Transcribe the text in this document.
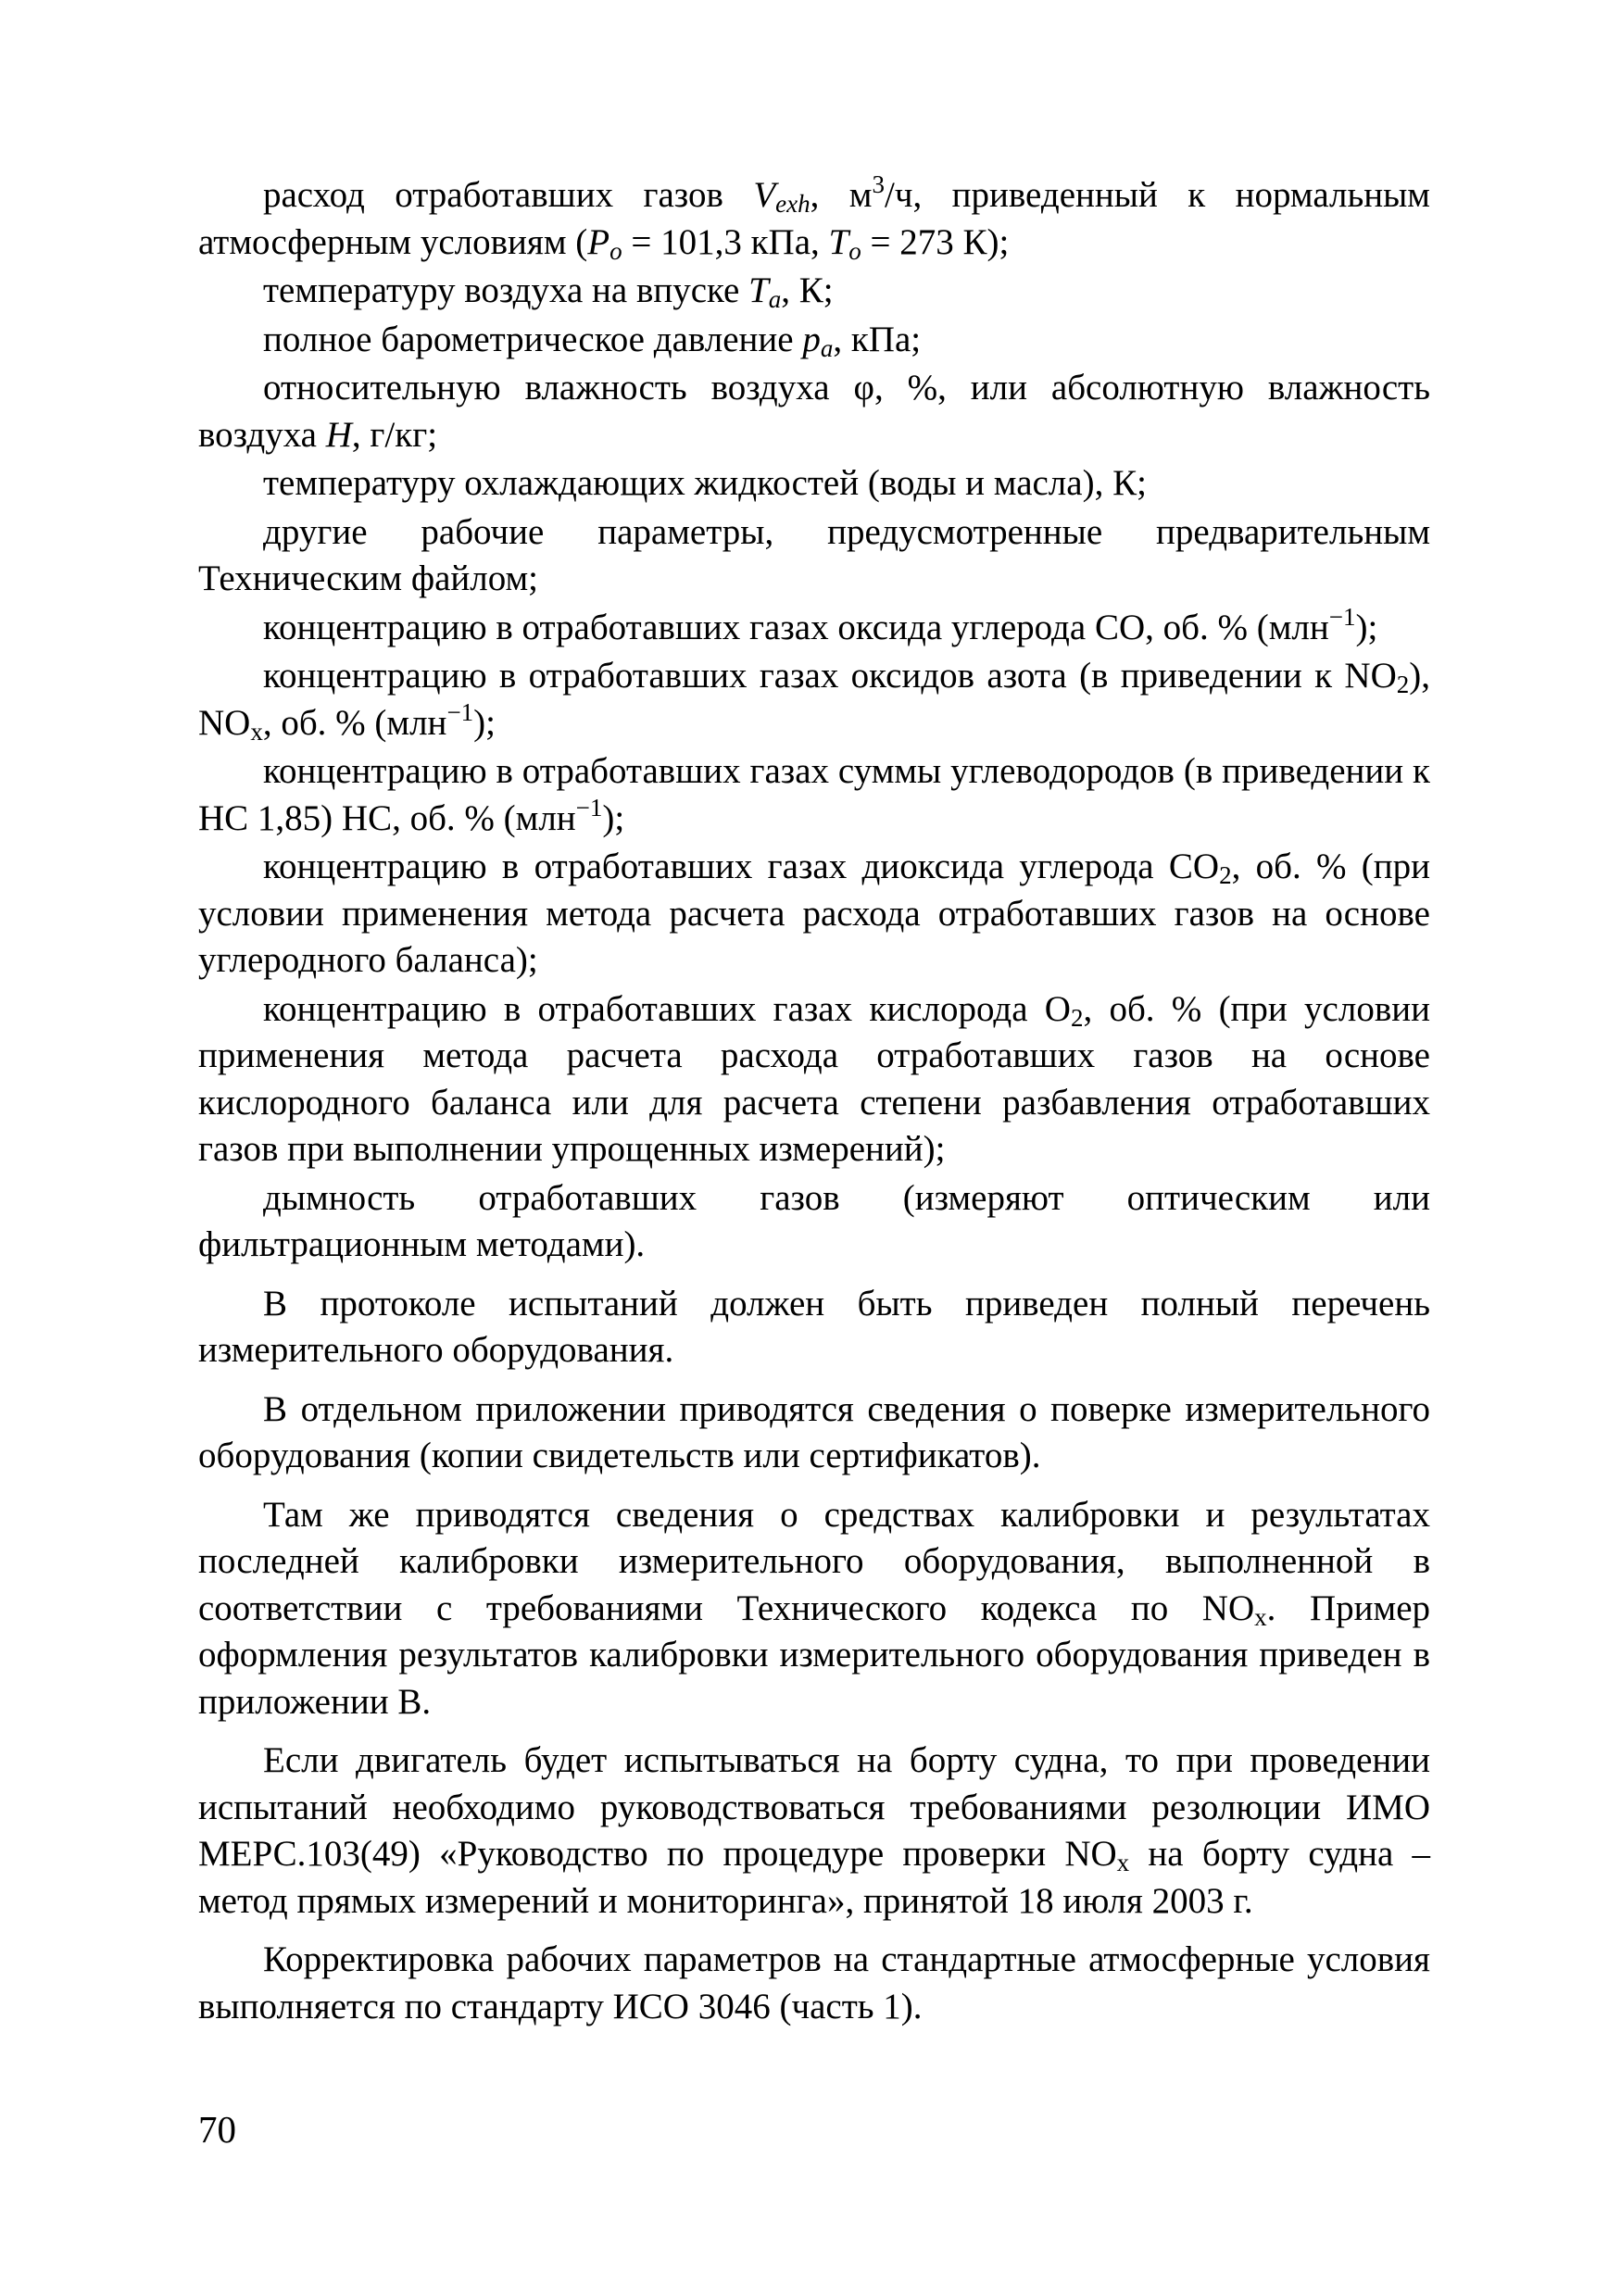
расход отработавших газов $V_{exh}$, $м^3/ч$, приведенный к нормальным атмосферным условиям ($P_o = 101,3$ кПа, $T_o = 273$ К);

температуру воздуха на впуске $T_a$, К;

полное барометрическое давление $p_a$, кПа;

относительную влажность воздуха φ, %, или абсолютную влажность воздуха H, г/кг;

температуру охлаждающих жидкостей (воды и масла), К;

другие рабочие параметры, предусмотренные предварительным Техническим файлом;

концентрацию в отработавших газах оксида углерода СО, об. % (млн$^{-1}$);

концентрацию в отработавших газах оксидов азота (в приведении к $NO_2$), $NO_x$, об. % (млн$^{-1}$);

концентрацию в отработавших газах суммы углеводородов (в приведении к НС 1,85) НС, об. % (млн$^{-1}$);

концентрацию в отработавших газах диоксида углерода $СО_2$, об. % (при условии применения метода расчета расхода отработавших газов на основе углеродного баланса);

концентрацию в отработавших газах кислорода $О_2$, об. % (при условии применения метода расчета расхода отработавших газов на основе кислородного баланса или для расчета степени разбавления отработавших газов при выполнении упрощенных измерений);

дымность отработавших газов (измеряют оптическим или фильтрационным методами).

В протоколе испытаний должен быть приведен полный перечень измерительного оборудования.

В отдельном приложении приводятся сведения о поверке измерительного оборудования (копии свидетельств или сертификатов).

Там же приводятся сведения о средствах калибровки и результатах последней калибровки измерительного оборудования, выполненной в соответствии с требованиями Технического кодекса по $NO_x$. Пример оформления результатов калибровки измерительного оборудования приведен в приложении В.

Если двигатель будет испытываться на борту судна, то при проведении испытаний необходимо руководствоваться требованиями резолюции ИМО МЕРС.103(49) «Руководство по процедуре проверки $NO_x$ на борту судна – метод прямых измерений и мониторинга», принятой 18 июля 2003 г.

Корректировка рабочих параметров на стандартные атмосферные условия выполняется по стандарту ИСО 3046 (часть 1).

70
